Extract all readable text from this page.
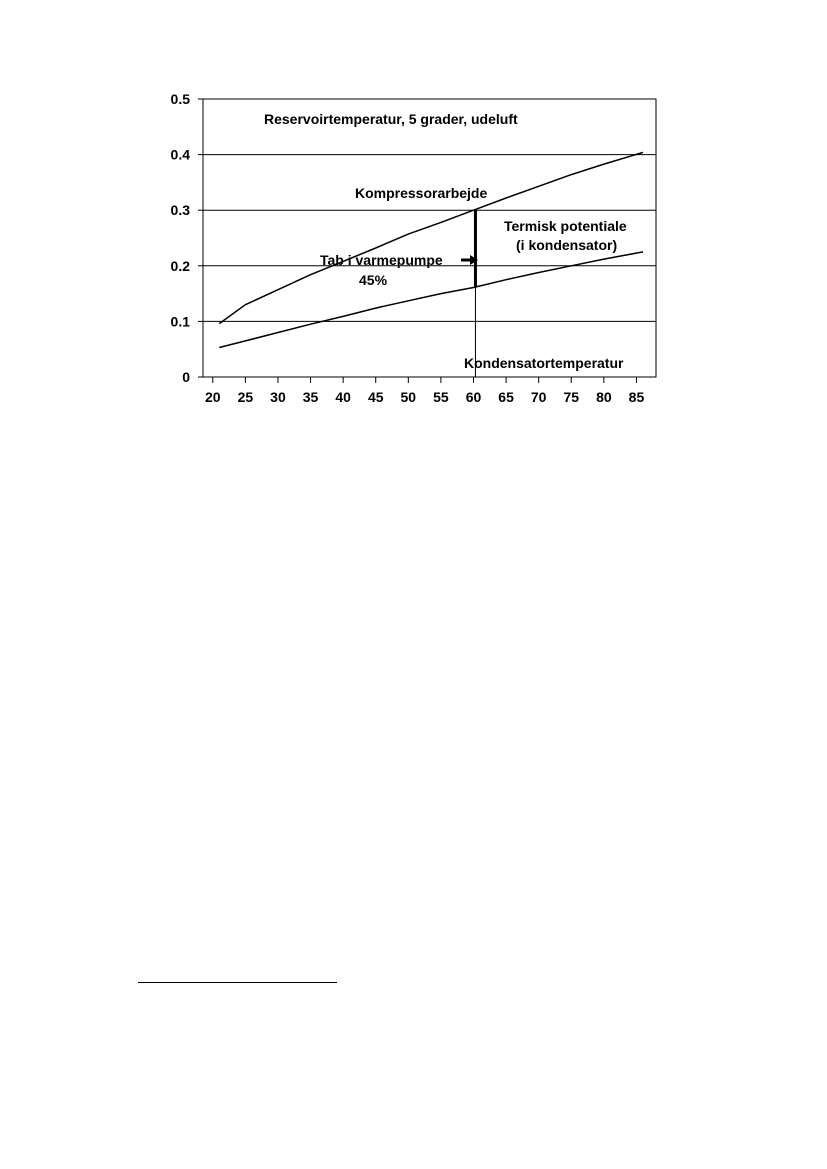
0
0.1
0.2
0.3
0.4
0.5
20 25 30 35 40 45 50 55 60 65 70 75 80 85
Reservoirtemperatur, 5 grader, udeluft
Kompressorarbejde
Termisk potentiale
(i kondensator)
Tab i varmepumpe
45%
Kondensatortemperatur
